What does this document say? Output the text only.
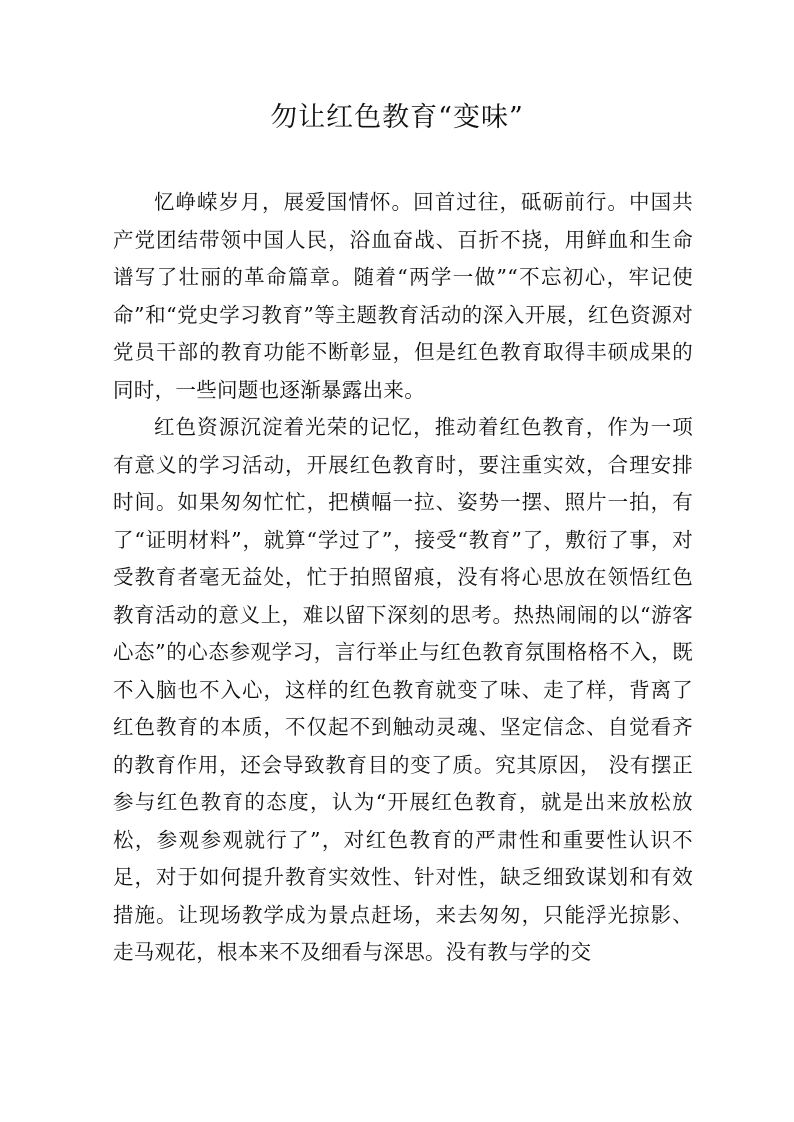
勿让红色教育“变味”

忆峥嵘岁月，展爱国情怀。回首过往，砥砺前行。中国共产党团结带领中国人民，浴血奋战、百折不挠，用鲜血和生命谱写了壮丽的革命篇章。随着“两学一做”“不忘初心，牢记使命”和“党史学习教育”等主题教育活动的深入开展，红色资源对党员干部的教育功能不断彰显，但是红色教育取得丰硕成果的同时，一些问题也逐渐暴露出来。

红色资源沉淀着光荣的记忆，推动着红色教育，作为一项有意义的学习活动，开展红色教育时，要注重实效，合理安排时间。如果匆匆忙忙，把横幅一拉、姿势一摆、照片一拍，有了“证明材料”，就算“学过了”，接受“教育”了，敷衍了事，对受教育者毫无益处，忙于拍照留痕，没有将心思放在领悟红色教育活动的意义上，难以留下深刻的思考。热热闹闹的以“游客心态”的心态参观学习，言行举止与红色教育氛围格格不入，既不入脑也不入心，这样的红色教育就变了味、走了样，背离了红色教育的本质，不仅起不到触动灵魂、坚定信念、自觉看齐的教育作用，还会导致教育目的变了质。究其原因， 没有摆正参与红色教育的态度，认为“开展红色教育，就是出来放松放松，参观参观就行了”，对红色教育的严肃性和重要性认识不足，对于如何提升教育实效性、针对性，缺乏细致谋划和有效措施。让现场教学成为景点赶场，来去匆匆，只能浮光掠影、走马观花，根本来不及细看与深思。没有教与学的交
